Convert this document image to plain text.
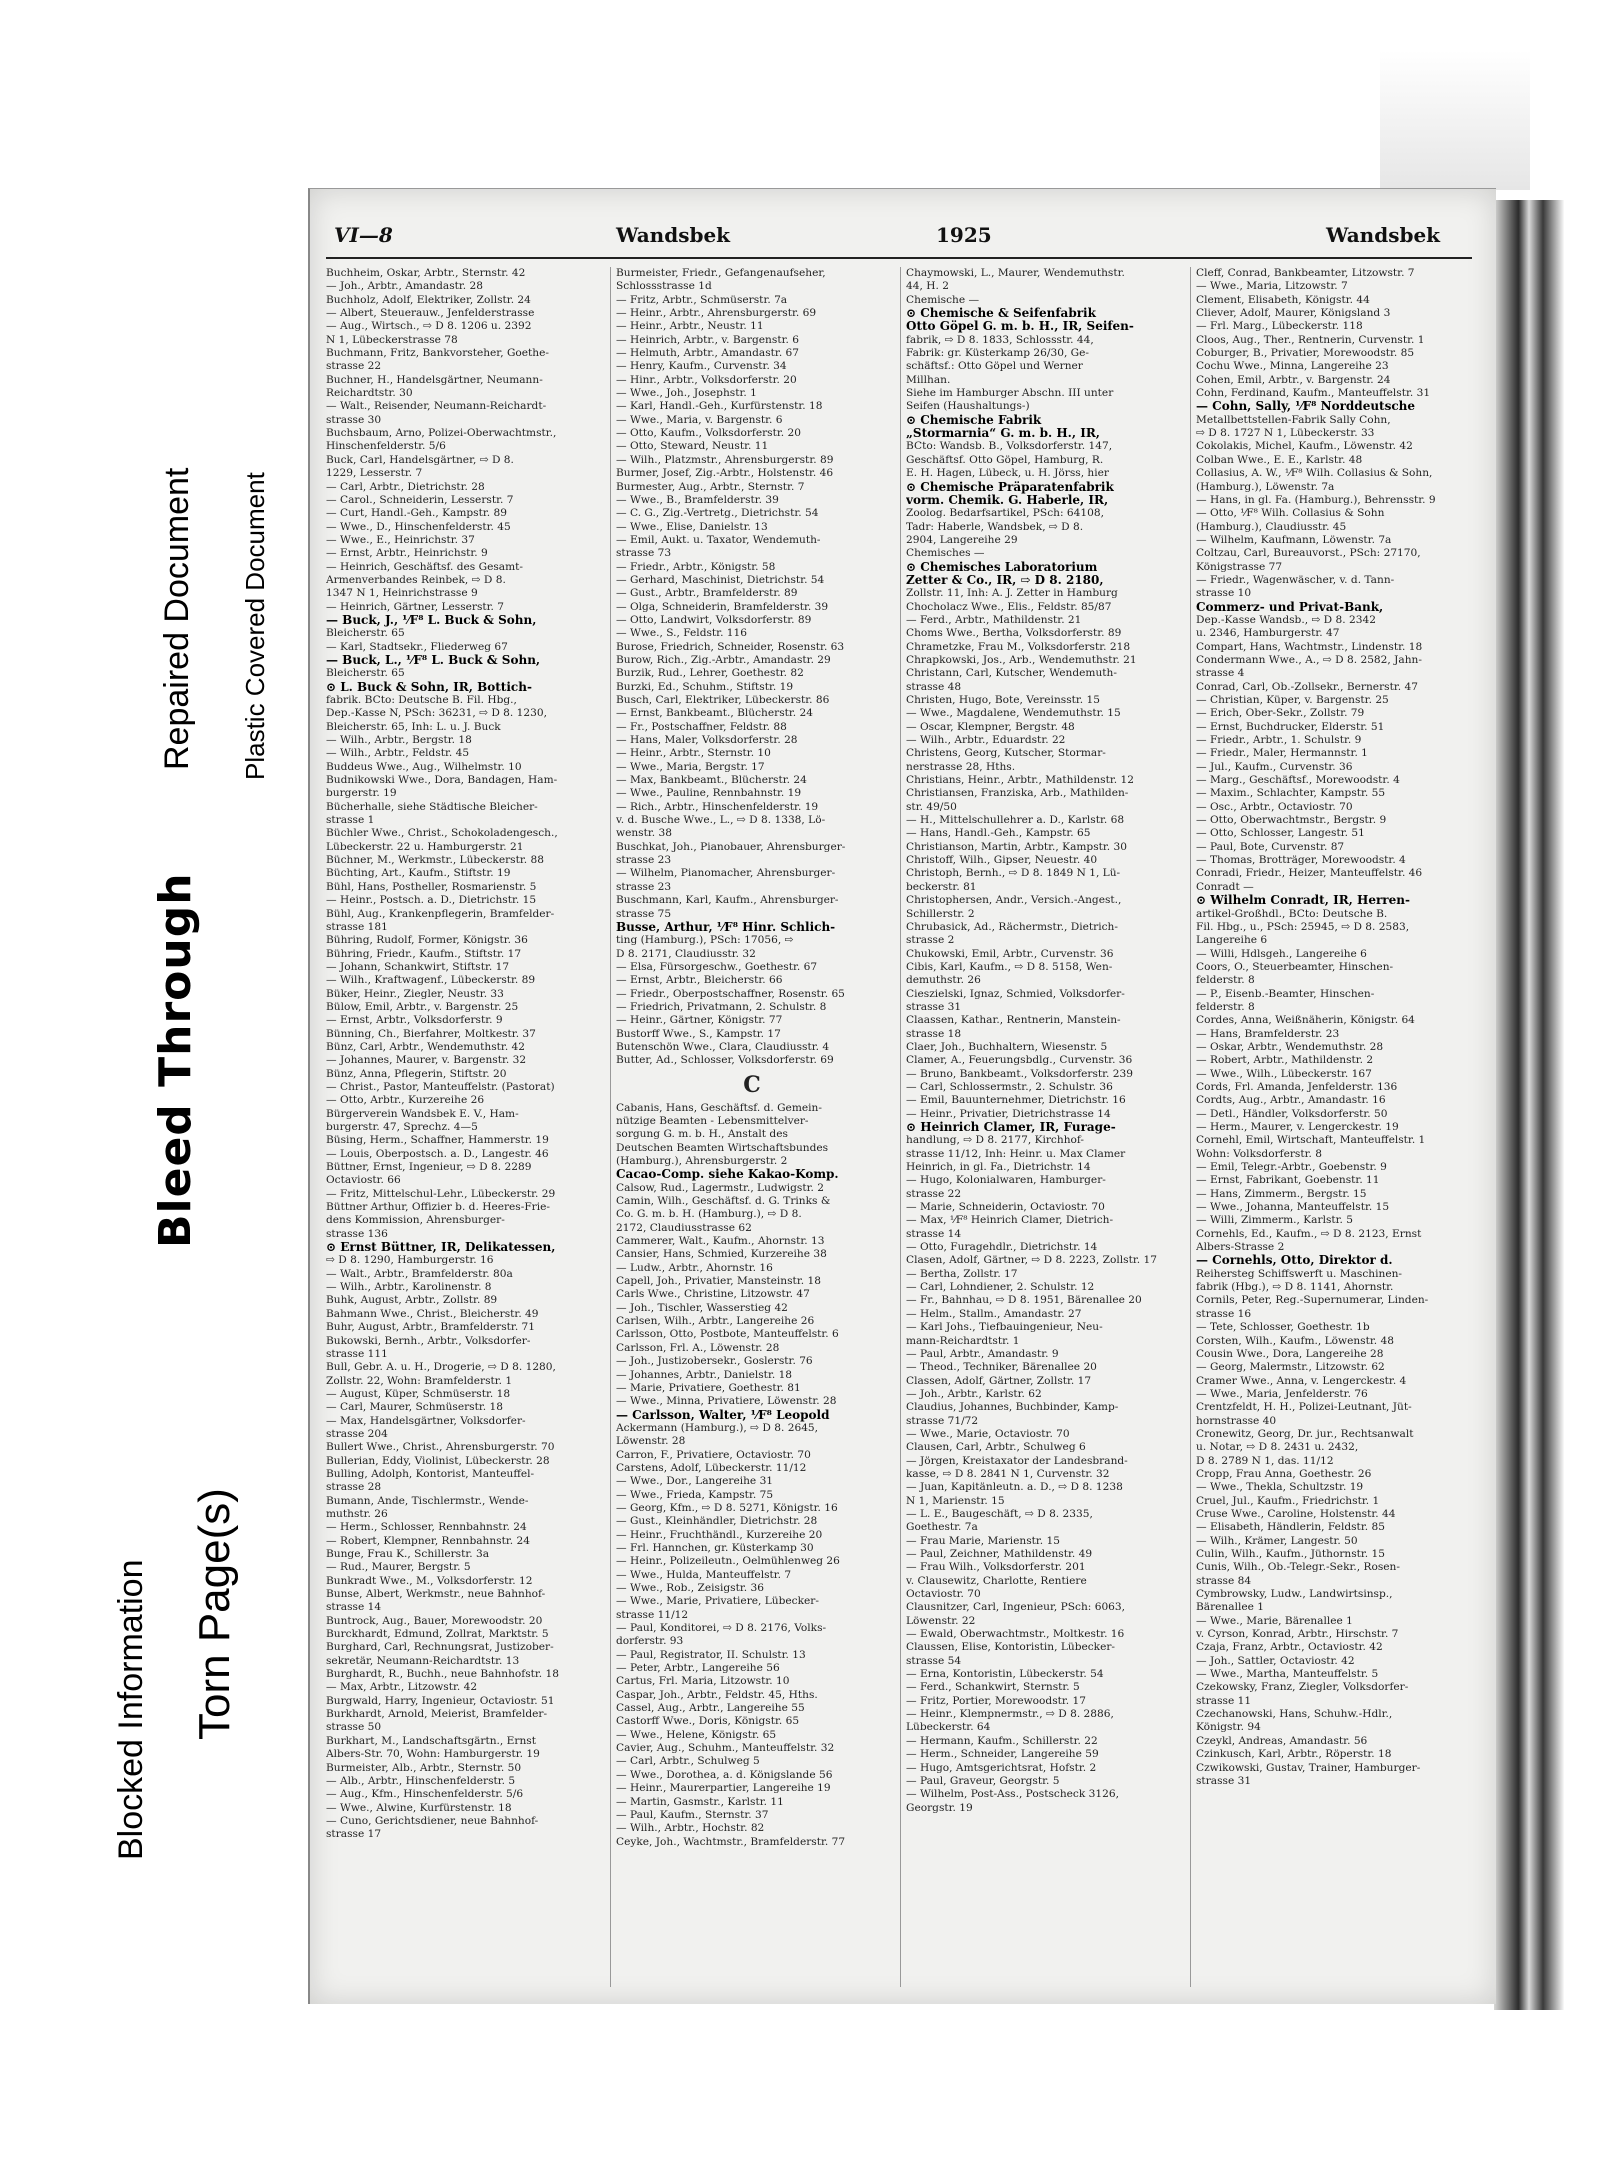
Bleed Through
Repaired Document Plastic Covered Document
Blocked Information Torn Page(s)
VI—8	Wandsbek	1925	Wandsbek
Buchheim, Oskar, Arbtr., Sternstr. 42
— Joh., Arbtr., Amandastr. 28
Buchholz, Adolf, Elektriker, Zollstr. 24
— Albert, Steuerauw., Jenfelderstrasse
— Aug., Wirtsch., ⇨ D 8. 1206 u. 2392
N 1, Lübeckerstrasse 78
Buchmann, Fritz, Bankvorsteher, Goethe-
strasse 22
Buchner, H., Handelsgärtner, Neumann-
Reichardtstr. 30
— Walt., Reisender, Neumann-Reichardt-
strasse 30
Buchsbaum, Arno, Polizei-Oberwachtmstr.,
Hinschenfelderstr. 5/6
Buck, Carl, Handelsgärtner, ⇨ D 8.
1229, Lesserstr. 7
— Carl, Arbtr., Dietrichstr. 28
— Carol., Schneiderin, Lesserstr. 7
— Curt, Handl.-Geh., Kampstr. 89
— Wwe., D., Hinschenfelderstr. 45
— Wwe., E., Heinrichstr. 37
— Ernst, Arbtr., Heinrichstr. 9
— Heinrich, Geschäftsf. des Gesamt-
Armenverbandes Reinbek, ⇨ D 8.
1347 N 1, Heinrichstrasse 9
— Heinrich, Gärtner, Lesserstr. 7
— Buck, J., ⅟F⁸ L. Buck & Sohn,
Bleicherstr. 65
— Karl, Stadtsekr., Fliederweg 67
— Buck, L., ⅟F⁸ L. Buck & Sohn,
Bleicherstr. 65
⊙ L. Buck & Sohn, IR, Bottich-
fabrik. BCto: Deutsche B. Fil. Hbg.,
Dep.-Kasse N, PSch: 36231, ⇨ D 8. 1230,
Bleicherstr. 65, Inh: L. u. J. Buck
— Wilh., Arbtr., Bergstr. 18
— Wilh., Arbtr., Feldstr. 45
Buddeus Wwe., Aug., Wilhelmstr. 10
Budnikowski Wwe., Dora, Bandagen, Ham-
burgerstr. 19
Bücherhalle, siehe Städtische Bleicher-
strasse 1
Büchler Wwe., Christ., Schokoladengesch.,
Lübeckerstr. 22 u. Hamburgerstr. 21
Büchner, M., Werkmstr., Lübeckerstr. 88
Büchting, Art., Kaufm., Stiftstr. 19
Bühl, Hans, Postheller, Rosmarienstr. 5
— Heinr., Postsch. a. D., Dietrichstr. 15
Bühl, Aug., Krankenpflegerin, Bramfelder-
strasse 181
Bühring, Rudolf, Former, Königstr. 36
Bühring, Friedr., Kaufm., Stiftstr. 17
— Johann, Schankwirt, Stiftstr. 17
— Wilh., Kraftwagenf., Lübeckerstr. 89
Büker, Heinr., Ziegler, Neustr. 33
Bülow, Emil, Arbtr., v. Bargenstr. 25
— Ernst, Arbtr., Volksdorferstr. 9
Bünning, Ch., Bierfahrer, Moltkestr. 37
Bünz, Carl, Arbtr., Wendemuthstr. 42
— Johannes, Maurer, v. Bargenstr. 32
Bünz, Anna, Pflegerin, Stiftstr. 20
— Christ., Pastor, Manteuffelstr. (Pastorat)
— Otto, Arbtr., Kurzereihe 26
Bürgerverein Wandsbek E. V., Ham-
burgerstr. 47, Sprechz. 4—5
Büsing, Herm., Schaffner, Hammerstr. 19
— Louis, Oberpostsch. a. D., Langestr. 46
Büttner, Ernst, Ingenieur, ⇨ D 8. 2289
Octaviostr. 66
— Fritz, Mittelschul-Lehr., Lübeckerstr. 29
Büttner Arthur, Offizier b. d. Heeres-Frie-
dens Kommission, Ahrensburger-
strasse 136
⊙ Ernst Büttner, IR, Delikatessen,
⇨ D 8. 1290, Hamburgerstr. 16
— Walt., Arbtr., Bramfelderstr. 80a
— Wilh., Arbtr., Karolinenstr. 8
Buhk, August, Arbtr., Zollstr. 89
Bahmann Wwe., Christ., Bleicherstr. 49
Buhr, August, Arbtr., Bramfelderstr. 71
Bukowski, Bernh., Arbtr., Volksdorfer-
strasse 111
Bull, Gebr. A. u. H., Drogerie, ⇨ D 8. 1280,
Zollstr. 22, Wohn: Bramfelderstr. 1
— August, Küper, Schmüserstr. 18
— Carl, Maurer, Schmüserstr. 18
— Max, Handelsgärtner, Volksdorfer-
strasse 204
Bullert Wwe., Christ., Ahrensburgerstr. 70
Bullerian, Eddy, Violinist, Lübeckerstr. 28
Bulling, Adolph, Kontorist, Manteuffel-
strasse 28
Bumann, Ande, Tischlermstr., Wende-
muthstr. 26
— Herm., Schlosser, Rennbahnstr. 24
— Robert, Klempner, Rennbahnstr. 24
Bunge, Frau K., Schillerstr. 3a
— Rud., Maurer, Bergstr. 5
Bunkradt Wwe., M., Volksdorferstr. 12
Bunse, Albert, Werkmstr., neue Bahnhof-
strasse 14
Buntrock, Aug., Bauer, Morewoodstr. 20
Burckhardt, Edmund, Zollrat, Marktstr. 5
Burghard, Carl, Rechnungsrat, Justizober-
sekretär, Neumann-Reichardtstr. 13
Burghardt, R., Buchh., neue Bahnhofstr. 18
— Max, Arbtr., Litzowstr. 42
Burgwald, Harry, Ingenieur, Octaviostr. 51
Burkhardt, Arnold, Meierist, Bramfelder-
strasse 50
Burkhart, M., Landschaftsgärtn., Ernst
Albers-Str. 70, Wohn: Hamburgerstr. 19
Burmeister, Alb., Arbtr., Sternstr. 50
— Alb., Arbtr., Hinschenfelderstr. 5
— Aug., Kfm., Hinschenfelderstr. 5/6
— Wwe., Alwine, Kurfürstenstr. 18
— Cuno, Gerichtsdiener, neue Bahnhof-
strasse 17
Burmeister, Friedr., Gefangenaufseher,
Schlossstrasse 1d
— Fritz, Arbtr., Schmüserstr. 7a
— Heinr., Arbtr., Ahrensburgerstr. 69
— Heinr., Arbtr., Neustr. 11
— Heinrich, Arbtr., v. Bargenstr. 6
— Helmuth, Arbtr., Amandastr. 67
— Henry, Kaufm., Curvenstr. 34
— Hinr., Arbtr., Volksdorferstr. 20
— Wwe., Joh., Josephstr. 1
— Karl, Handl.-Geh., Kurfürstenstr. 18
— Wwe., Maria, v. Bargenstr. 6
— Otto, Kaufm., Volksdorferstr. 20
— Otto, Steward, Neustr. 11
— Wilh., Platzmstr., Ahrensburgerstr. 89
Burmer, Josef, Zig.-Arbtr., Holstenstr. 46
Burmester, Aug., Arbtr., Sternstr. 7
— Wwe., B., Bramfelderstr. 39
— C. G., Zig.-Vertretg., Dietrichstr. 54
— Wwe., Elise, Danielstr. 13
— Emil, Aukt. u. Taxator, Wendemuth-
strasse 73
— Friedr., Arbtr., Königstr. 58
— Gerhard, Maschinist, Dietrichstr. 54
— Gust., Arbtr., Bramfelderstr. 89
— Olga, Schneiderin, Bramfelderstr. 39
— Otto, Landwirt, Volksdorferstr. 89
— Wwe., S., Feldstr. 116
Burose, Friedrich, Schneider, Rosenstr. 63
Burow, Rich., Zig.-Arbtr., Amandastr. 29
Burzik, Rud., Lehrer, Goethestr. 82
Burzki, Ed., Schuhm., Stiftstr. 19
Busch, Carl, Elektriker, Lübeckerstr. 86
— Ernst, Bankbeamt., Blücherstr. 24
— Fr., Postschaffner, Feldstr. 88
— Hans, Maler, Volksdorferstr. 28
— Heinr., Arbtr., Sternstr. 10
— Wwe., Maria, Bergstr. 17
— Max, Bankbeamt., Blücherstr. 24
— Wwe., Pauline, Rennbahnstr. 19
— Rich., Arbtr., Hinschenfelderstr. 19
v. d. Busche Wwe., L., ⇨ D 8. 1338, Lö-
wenstr. 38
Buschkat, Joh., Pianobauer, Ahrensburger-
strasse 23
— Wilhelm, Pianomacher, Ahrensburger-
strasse 23
Buschmann, Karl, Kaufm., Ahrensburger-
strasse 75
Busse, Arthur, ⅟F⁸ Hinr. Schlich-
ting (Hamburg.), PSch: 17056, ⇨
D 8. 2171, Claudiusstr. 32
— Elsa, Fürsorgeschw., Goethestr. 67
— Ernst, Arbtr., Bleicherstr. 66
— Friedr., Oberpostschaffner, Rosenstr. 65
— Friedrich, Privatmann, 2. Schulstr. 8
— Heinr., Gärtner, Königstr. 77
Bustorff Wwe., S., Kampstr. 17
Butenschön Wwe., Clara, Claudiusstr. 4
Butter, Ad., Schlosser, Volksdorferstr. 69
C
Cabanis, Hans, Geschäftsf. d. Gemein-
nützige Beamten - Lebensmittelver-
sorgung G. m. b. H., Anstalt des
Deutschen Beamten Wirtschaftsbundes
(Hamburg.), Ahrensburgerstr. 2
Cacao-Comp. siehe Kakao-Komp.
Calsow, Rud., Lagermstr., Ludwigstr. 2
Camin, Wilh., Geschäftsf. d. G. Trinks &
Co. G. m. b. H. (Hamburg.), ⇨ D 8.
2172, Claudiusstrasse 62
Cammerer, Walt., Kaufm., Ahornstr. 13
Cansier, Hans, Schmied, Kurzereihe 38
— Ludw., Arbtr., Ahornstr. 16
Capell, Joh., Privatier, Mansteinstr. 18
Carls Wwe., Christine, Litzowstr. 47
— Joh., Tischler, Wasserstieg 42
Carlsen, Wilh., Arbtr., Langereihe 26
Carlsson, Otto, Postbote, Manteuffelstr. 6
Carlsson, Frl. A., Löwenstr. 28
— Joh., Justizobersekr., Goslerstr. 76
— Johannes, Arbtr., Danielstr. 18
— Marie, Privatiere, Goethestr. 81
— Wwe., Minna, Privatiere, Löwenstr. 28
— Carlsson, Walter, ⅟F⁸ Leopold
Ackermann (Hamburg.), ⇨ D 8. 2645,
Löwenstr. 28
Carron, F., Privatiere, Octaviostr. 70
Carstens, Adolf, Lübeckerstr. 11/12
— Wwe., Dor., Langereihe 31
— Wwe., Frieda, Kampstr. 75
— Georg, Kfm., ⇨ D 8. 5271, Königstr. 16
— Gust., Kleinhändler, Dietrichstr. 28
— Heinr., Fruchthändl., Kurzereihe 20
— Frl. Hannchen, gr. Küsterkamp 30
— Heinr., Polizeileutn., Oelmühlenweg 26
— Wwe., Hulda, Manteuffelstr. 7
— Wwe., Rob., Zeisigstr. 36
— Wwe., Marie, Privatiere, Lübecker-
strasse 11/12
— Paul, Konditorei, ⇨ D 8. 2176, Volks-
dorferstr. 93
— Paul, Registrator, II. Schulstr. 13
— Peter, Arbtr., Langereihe 56
Cartus, Frl. Maria, Litzowstr. 10
Caspar, Joh., Arbtr., Feldstr. 45, Hths.
Cassel, Aug., Arbtr., Langereihe 55
Castorff Wwe., Doris, Königstr. 65
— Wwe., Helene, Königstr. 65
Cavier, Aug., Schuhm., Manteuffelstr. 32
— Carl, Arbtr., Schulweg 5
— Wwe., Dorothea, a. d. Königslande 56
— Heinr., Maurerpartier, Langereihe 19
— Martin, Gasmstr., Karlstr. 11
— Paul, Kaufm., Sternstr. 37
— Wilh., Arbtr., Hochstr. 82
Ceyke, Joh., Wachtmstr., Bramfelderstr. 77
Chaymowski, L., Maurer, Wendemuthstr.
44, H. 2
Chemische —
⊙ Chemische & Seifenfabrik
Otto Göpel G. m. b. H., IR, Seifen-
fabrik, ⇨ D 8. 1833, Schlossstr. 44,
Fabrik: gr. Küsterkamp 26/30, Ge-
schäftsf.: Otto Göpel und Werner
Millhan.
Siehe im Hamburger Abschn. III unter
Seifen (Haushaltungs-)
⊙ Chemische Fabrik
„Stormarnia“ G. m. b. H., IR,
BCto: Wandsb. B., Volksdorferstr. 147,
Geschäftsf. Otto Göpel, Hamburg, R.
E. H. Hagen, Lübeck, u. H. Jörss, hier
⊙ Chemische Präparatenfabrik
vorm. Chemik. G. Haberle, IR,
Zoolog. Bedarfsartikel, PSch: 64108,
Tadr: Haberle, Wandsbek, ⇨ D 8.
2904, Langereihe 29
Chemisches —
⊙ Chemisches Laboratorium
Zetter & Co., IR, ⇨ D 8. 2180,
Zollstr. 11, Inh: A. J. Zetter in Hamburg
Chocholacz Wwe., Elis., Feldstr. 85/87
— Ferd., Arbtr., Mathildenstr. 21
Choms Wwe., Bertha, Volksdorferstr. 89
Chrametzke, Frau M., Volksdorferstr. 218
Chrapkowski, Jos., Arb., Wendemuthstr. 21
Christann, Carl, Kutscher, Wendemuth-
strasse 48
Christen, Hugo, Bote, Vereinsstr. 15
— Wwe., Magdalene, Wendemuthstr. 15
— Oscar, Klempner, Bergstr. 48
— Wilh., Arbtr., Eduardstr. 22
Christens, Georg, Kutscher, Stormar-
nerstrasse 28, Hths.
Christians, Heinr., Arbtr., Mathildenstr. 12
Christiansen, Franziska, Arb., Mathilden-
str. 49/50
— H., Mittelschullehrer a. D., Karlstr. 68
— Hans, Handl.-Geh., Kampstr. 65
Christianson, Martin, Arbtr., Kampstr. 30
Christoff, Wilh., Gipser, Neuestr. 40
Christoph, Bernh., ⇨ D 8. 1849 N 1, Lü-
beckerstr. 81
Christophersen, Andr., Versich.-Angest.,
Schillerstr. 2
Chrubasick, Ad., Rächermstr., Dietrich-
strasse 2
Chukowski, Emil, Arbtr., Curvenstr. 36
Cibis, Karl, Kaufm., ⇨ D 8. 5158, Wen-
demuthstr. 26
Cieszielski, Ignaz, Schmied, Volksdorfer-
strasse 31
Claassen, Kathar., Rentnerin, Manstein-
strasse 18
Claer, Joh., Buchhaltern, Wiesenstr. 5
Clamer, A., Feuerungsbdlg., Curvenstr. 36
— Bruno, Bankbeamt., Volksdorferstr. 239
— Carl, Schlossermstr., 2. Schulstr. 36
— Emil, Bauunternehmer, Dietrichstr. 16
— Heinr., Privatier, Dietrichstrasse 14
⊙ Heinrich Clamer, IR, Furage-
handlung, ⇨ D 8. 2177, Kirchhof-
strasse 11/12, Inh: Heinr. u. Max Clamer
Heinrich, in gl. Fa., Dietrichstr. 14
— Hugo, Kolonialwaren, Hamburger-
strasse 22
— Marie, Schneiderin, Octaviostr. 70
— Max, ⅟F⁸ Heinrich Clamer, Dietrich-
strasse 14
— Otto, Furagehdlr., Dietrichstr. 14
Clasen, Adolf, Gärtner, ⇨ D 8. 2223, Zollstr. 17
— Bertha, Zollstr. 17
— Carl, Lohndiener, 2. Schulstr. 12
— Fr., Bahnhau, ⇨ D 8. 1951, Bärenallee 20
— Helm., Stallm., Amandastr. 27
— Karl Johs., Tiefbauingenieur, Neu-
mann-Reichardtstr. 1
— Paul, Arbtr., Amandastr. 9
— Theod., Techniker, Bärenallee 20
Classen, Adolf, Gärtner, Zollstr. 17
— Joh., Arbtr., Karlstr. 62
Claudius, Johannes, Buchbinder, Kamp-
strasse 71/72
— Wwe., Marie, Octaviostr. 70
Clausen, Carl, Arbtr., Schulweg 6
— Jörgen, Kreistaxator der Landesbrand-
kasse, ⇨ D 8. 2841 N 1, Curvenstr. 32
— Juan, Kapitänleutn. a. D., ⇨ D 8. 1238
N 1, Marienstr. 15
— L. E., Baugeschäft, ⇨ D 8. 2335,
Goethestr. 7a
— Frau Marie, Marienstr. 15
— Paul, Zeichner, Mathildenstr. 49
— Frau Wilh., Volksdorferstr. 201
v. Clausewitz, Charlotte, Rentiere
Octaviostr. 70
Clausnitzer, Carl, Ingenieur, PSch: 6063,
Löwenstr. 22
— Ewald, Oberwachtmstr., Moltkestr. 16
Claussen, Elise, Kontoristin, Lübecker-
strasse 54
— Erna, Kontoristin, Lübeckerstr. 54
— Ferd., Schankwirt, Sternstr. 5
— Fritz, Portier, Morewoodstr. 17
— Heinr., Klempnermstr., ⇨ D 8. 2886,
Lübeckerstr. 64
— Hermann, Kaufm., Schillerstr. 22
— Herm., Schneider, Langereihe 59
— Hugo, Amtsgerichtsrat, Hofstr. 2
— Paul, Graveur, Georgstr. 5
— Wilhelm, Post-Ass., Postscheck 3126,
Georgstr. 19
Cleff, Conrad, Bankbeamter, Litzowstr. 7
— Wwe., Maria, Litzowstr. 7
Clement, Elisabeth, Königstr. 44
Cliever, Adolf, Maurer, Königsland 3
— Frl. Marg., Lübeckerstr. 118
Cloos, Aug., Ther., Rentnerin, Curvenstr. 1
Coburger, B., Privatier, Morewoodstr. 85
Cochu Wwe., Minna, Langereihe 23
Cohen, Emil, Arbtr., v. Bargenstr. 24
Cohn, Ferdinand, Kaufm., Manteuffelstr. 31
— Cohn, Sally, ⅟F⁸ Norddeutsche
Metallbettstellen-Fabrik Sally Cohn,
⇨ D 8. 1727 N 1, Lübeckerstr. 33
Cokolakis, Michel, Kaufm., Löwenstr. 42
Colban Wwe., E. E., Karlstr. 48
Collasius, A. W., ⅟F⁸ Wilh. Collasius & Sohn,
(Hamburg.), Löwenstr. 7a
— Hans, in gl. Fa. (Hamburg.), Behrensstr. 9
— Otto, ⅟F⁸ Wilh. Collasius & Sohn
(Hamburg.), Claudiusstr. 45
— Wilhelm, Kaufmann, Löwenstr. 7a
Coltzau, Carl, Bureauvorst., PSch: 27170,
Königstrasse 77
— Friedr., Wagenwäscher, v. d. Tann-
strasse 10
Commerz- und Privat-Bank,
Dep.-Kasse Wandsb., ⇨ D 8. 2342
u. 2346, Hamburgerstr. 47
Compart, Hans, Wachtmstr., Lindenstr. 18
Condermann Wwe., A., ⇨ D 8. 2582, Jahn-
strasse 4
Conrad, Carl, Ob.-Zollsekr., Bernerstr. 47
— Christian, Küper, v. Bargenstr. 25
— Erich, Ober-Sekr., Zollstr. 79
— Ernst, Buchdrucker, Elderstr. 51
— Friedr., Arbtr., 1. Schulstr. 9
— Friedr., Maler, Hermannstr. 1
— Jul., Kaufm., Curvenstr. 36
— Marg., Geschäftsf., Morewoodstr. 4
— Maxim., Schlachter, Kampstr. 55
— Osc., Arbtr., Octaviostr. 70
— Otto, Oberwachtmstr., Bergstr. 9
— Otto, Schlosser, Langestr. 51
— Paul, Bote, Curvenstr. 87
— Thomas, Brotträger, Morewoodstr. 4
Conradi, Friedr., Heizer, Manteuffelstr. 46
Conradt —
⊙ Wilhelm Conradt, IR, Herren-
artikel-Großhdl., BCto: Deutsche B.
Fil. Hbg., u., PSch: 25945, ⇨ D 8. 2583,
Langereihe 6
— Willi, Hdlsgeh., Langereihe 6
Coors, O., Steuerbeamter, Hinschen-
felderstr. 8
— P., Eisenb.-Beamter, Hinschen-
felderstr. 8
Cordes, Anna, Weißnäherin, Königstr. 64
— Hans, Bramfelderstr. 23
— Oskar, Arbtr., Wendemuthstr. 28
— Robert, Arbtr., Mathildenstr. 2
— Wwe., Wilh., Lübeckerstr. 167
Cords, Frl. Amanda, Jenfelderstr. 136
Cordts, Aug., Arbtr., Amandastr. 16
— Detl., Händler, Volksdorferstr. 50
— Herm., Maurer, v. Lengerckestr. 19
Cornehl, Emil, Wirtschaft, Manteuffelstr. 1
Wohn: Volksdorferstr. 8
— Emil, Telegr.-Arbtr., Goebenstr. 9
— Ernst, Fabrikant, Goebenstr. 11
— Hans, Zimmerm., Bergstr. 15
— Wwe., Johanna, Manteuffelstr. 15
— Willi, Zimmerm., Karlstr. 5
Cornehls, Ed., Kaufm., ⇨ D 8. 2123, Ernst
Albers-Strasse 2
— Cornehls, Otto, Direktor d.
Reihersteg Schiffswerft u. Maschinen-
fabrik (Hbg.), ⇨ D 8. 1141, Ahornstr.
Cornils, Peter, Reg.-Supernumerar, Linden-
strasse 16
— Tete, Schlosser, Goethestr. 1b
Corsten, Wilh., Kaufm., Löwenstr. 48
Cousin Wwe., Dora, Langereihe 28
— Georg, Malermstr., Litzowstr. 62
Cramer Wwe., Anna, v. Lengerckestr. 4
— Wwe., Maria, Jenfelderstr. 76
Crentzfeldt, H. H., Polizei-Leutnant, Jüt-
hornstrasse 40
Cronewitz, Georg, Dr. jur., Rechtsanwalt
u. Notar, ⇨ D 8. 2431 u. 2432,
D 8. 2789 N 1, das. 11/12
Cropp, Frau Anna, Goethestr. 26
— Wwe., Thekla, Schultzstr. 19
Cruel, Jul., Kaufm., Friedrichstr. 1
Cruse Wwe., Caroline, Holstenstr. 44
— Elisabeth, Händlerin, Feldstr. 85
— Wilh., Krämer, Langestr. 50
Culin, Wilh., Kaufm., Jüthornstr. 15
Cunis, Wilh., Ob.-Telegr.-Sekr., Rosen-
strasse 84
Cymbrowsky, Ludw., Landwirtsinsp.,
Bärenallee 1
— Wwe., Marie, Bärenallee 1
v. Cyrson, Konrad, Arbtr., Hirschstr. 7
Czaja, Franz, Arbtr., Octaviostr. 42
— Joh., Sattler, Octaviostr. 42
— Wwe., Martha, Manteuffelstr. 5
Czekowsky, Franz, Ziegler, Volksdorfer-
strasse 11
Czechanowski, Hans, Schuhw.-Hdlr.,
Königstr. 94
Czeykl, Andreas, Amandastr. 56
Czinkusch, Karl, Arbtr., Röperstr. 18
Czwikowski, Gustav, Trainer, Hamburger-
strasse 31
